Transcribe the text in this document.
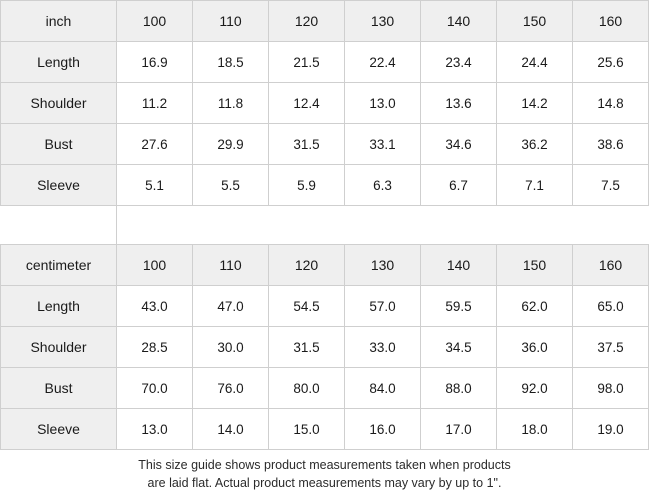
inch	100	110	120	130	140	150	160
Length	16.9	18.5	21.5	22.4	23.4	24.4	25.6
Shoulder	11.2	11.8	12.4	13.0	13.6	14.2	14.8
Bust	27.6	29.9	31.5	33.1	34.6	36.2	38.6
Sleeve	5.1	5.5	5.9	6.3	6.7	7.1	7.5

centimeter	100	110	120	130	140	150	160
Length	43.0	47.0	54.5	57.0	59.5	62.0	65.0
Shoulder	28.5	30.0	31.5	33.0	34.5	36.0	37.5
Bust	70.0	76.0	80.0	84.0	88.0	92.0	98.0
Sleeve	13.0	14.0	15.0	16.0	17.0	18.0	19.0
This size guide shows product measurements taken when products
are laid flat. Actual product measurements may vary by up to 1".
